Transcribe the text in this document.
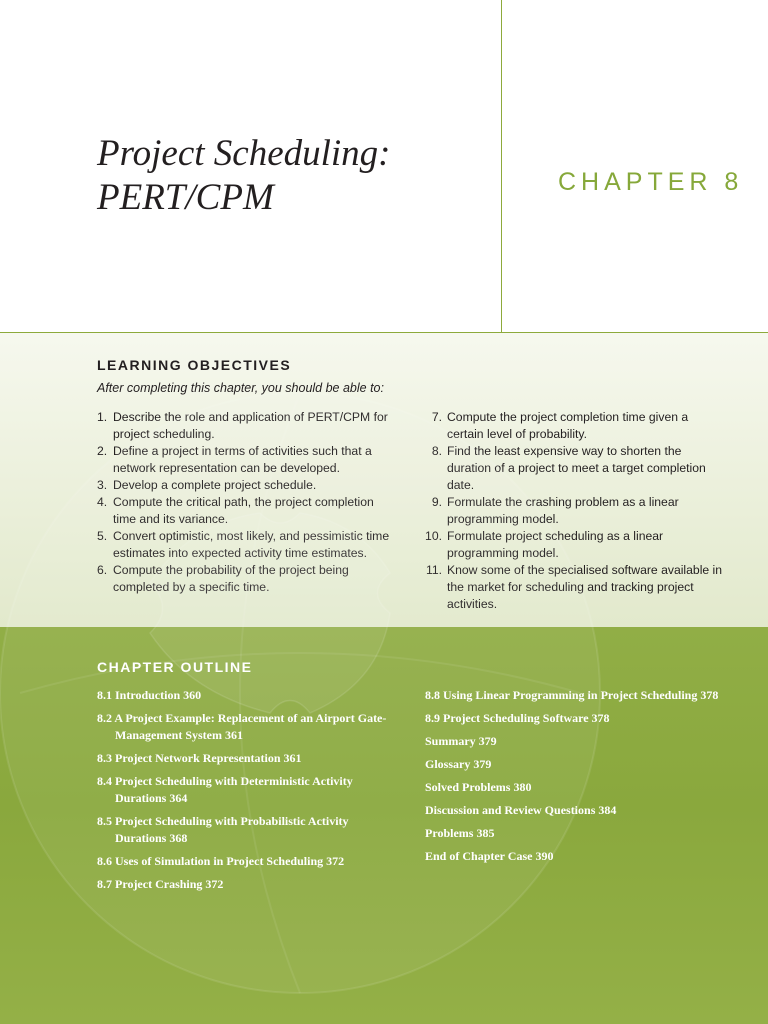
Project Scheduling:
PERT/CPM	CHAPTER 8
LEARNING OBJECTIVES
After completing this chapter, you should be able to:
1. Describe the role and application of PERT/CPM for project scheduling.
2. Define a project in terms of activities such that a network representation can be developed.
3. Develop a complete project schedule.
4. Compute the critical path, the project completion time and its variance.
5. Convert optimistic, most likely, and pessimistic time estimates into expected activity time estimates.
6. Compute the probability of the project being completed by a specific time.
7. Compute the project completion time given a certain level of probability.
8. Find the least expensive way to shorten the duration of a project to meet a target completion date.
9. Formulate the crashing problem as a linear programming model.
10. Formulate project scheduling as a linear programming model.
11. Know some of the specialised software available in the market for scheduling and tracking project activities.
CHAPTER OUTLINE
8.1 Introduction 360
8.2 A Project Example: Replacement of an Airport Gate-Management System 361
8.3 Project Network Representation 361
8.4 Project Scheduling with Deterministic Activity Durations 364
8.5 Project Scheduling with Probabilistic Activity Durations 368
8.6 Uses of Simulation in Project Scheduling 372
8.7 Project Crashing 372
8.8 Using Linear Programming in Project Scheduling 378
8.9 Project Scheduling Software 378
Summary 379
Glossary 379
Solved Problems 380
Discussion and Review Questions 384
Problems 385
End of Chapter Case 390
